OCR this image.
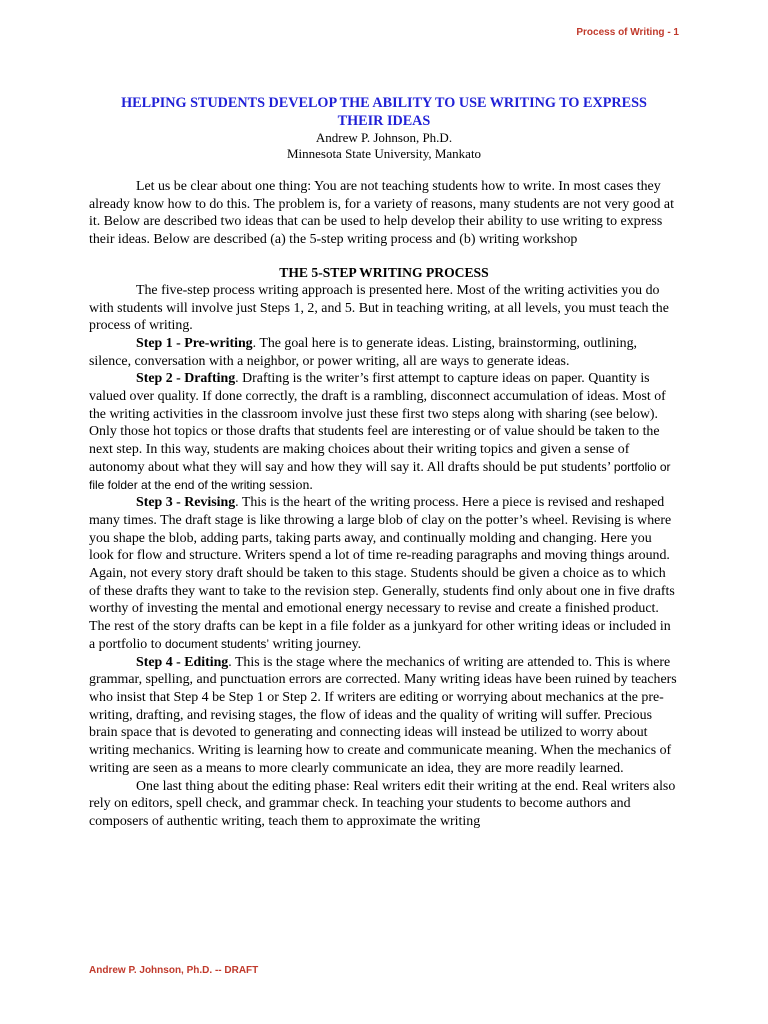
Process of Writing - 1

HELPING STUDENTS DEVELOP THE ABILITY TO USE WRITING TO EXPRESS
THEIR IDEAS

Andrew P. Johnson, Ph.D.

Minnesota State University, Mankato

Let us be clear about one thing: You are not teaching students how to write. In most cases they already know how to do this. The problem is, for a variety of reasons, many students are not very good at it. Below are described two ideas that can be used to help develop their ability to use writing to express their ideas. Below are described (a) the 5-step writing process and (b) writing workshop

THE 5-STEP WRITING PROCESS

The five-step process writing approach is presented here. Most of the writing activities you do with students will involve just Steps 1, 2, and 5. But in teaching writing, at all levels, you must teach the process of writing.

Step 1 - Pre-writing. The goal here is to generate ideas. Listing, brainstorming, outlining, silence, conversation with a neighbor, or power writing, all are ways to generate ideas.

Step 2 - Drafting. Drafting is the writer’s first attempt to capture ideas on paper. Quantity is valued over quality. If done correctly, the draft is a rambling, disconnect accumulation of ideas. Most of the writing activities in the classroom involve just these first two steps along with sharing (see below). Only those hot topics or those drafts that students feel are interesting or of value should be taken to the next step. In this way, students are making choices about their writing topics and given a sense of autonomy about what they will say and how they will say it. All drafts should be put students’ portfolio or file folder at the end of the writing session.

Step 3 - Revising. This is the heart of the writing process. Here a piece is revised and reshaped many times. The draft stage is like throwing a large blob of clay on the potter’s wheel. Revising is where you shape the blob, adding parts, taking parts away, and continually molding and changing. Here you look for flow and structure. Writers spend a lot of time re-reading paragraphs and moving things around. Again, not every story draft should be taken to this stage. Students should be given a choice as to which of these drafts they want to take to the revision step. Generally, students find only about one in five drafts worthy of investing the mental and emotional energy necessary to revise and create a finished product. The rest of the story drafts can be kept in a file folder as a junkyard for other writing ideas or included in a portfolio to document students’ writing journey.

Step 4 - Editing. This is the stage where the mechanics of writing are attended to. This is where grammar, spelling, and punctuation errors are corrected. Many writing ideas have been ruined by teachers who insist that Step 4 be Step 1 or Step 2. If writers are editing or worrying about mechanics at the pre-writing, drafting, and revising stages, the flow of ideas and the quality of writing will suffer. Precious brain space that is devoted to generating and connecting ideas will instead be utilized to worry about writing mechanics. Writing is learning how to create and communicate meaning. When the mechanics of writing are seen as a means to more clearly communicate an idea, they are more readily learned.

One last thing about the editing phase: Real writers edit their writing at the end. Real writers also rely on editors, spell check, and grammar check. In teaching your students to become authors and composers of authentic writing, teach them to approximate the writing

Andrew P. Johnson, Ph.D. -- DRAFT
